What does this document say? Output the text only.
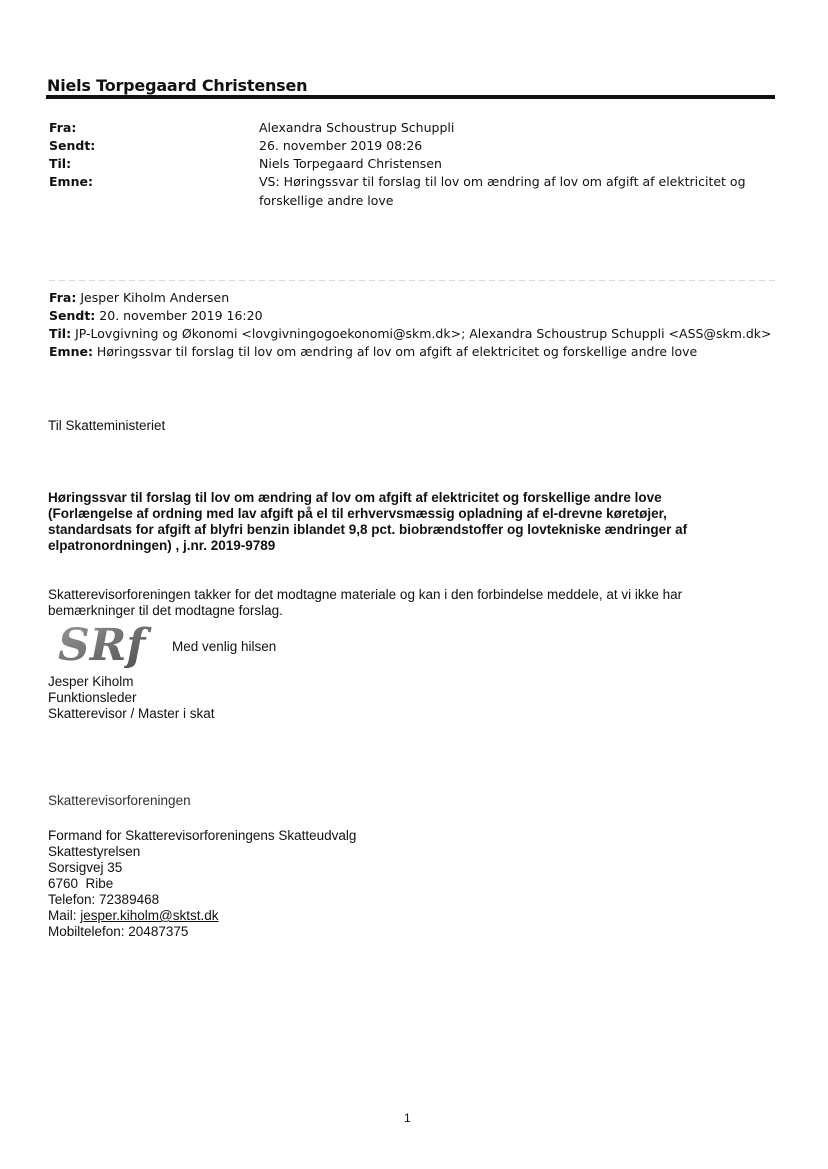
Niels Torpegaard Christensen
Fra:	Alexandra Schoustrup Schuppli
Sendt:	26. november 2019 08:26
Til:	Niels Torpegaard Christensen
Emne:	VS: Høringssvar til forslag til lov om ændring af lov om afgift af elektricitet og forskellige andre love
Fra: Jesper Kiholm Andersen
Sendt: 20. november 2019 16:20
Til: JP-Lovgivning og Økonomi <lovgivningogoekonomi@skm.dk>; Alexandra Schoustrup Schuppli <ASS@skm.dk>
Emne: Høringssvar til forslag til lov om ændring af lov om afgift af elektricitet og forskellige andre love
Til Skatteministeriet
Høringssvar til forslag til lov om ændring af lov om afgift af elektricitet og forskellige andre love (Forlængelse af ordning med lav afgift på el til erhvervsmæssig opladning af el-drevne køretøjer, standardsats for afgift af blyfri benzin iblandet 9,8 pct. biobrændstoffer og lovtekniske ændringer af elpatronordningen) , j.nr. 2019-9789
Skatterevisorforeningen takker for det modtagne materiale og kan i den forbindelse meddele, at vi ikke har bemærkninger til det modtagne forslag.
SRf	Med venlig hilsen
Jesper Kiholm
Funktionsleder
Skatterevisor / Master i skat
Skatterevisorforeningen
Formand for Skatterevisorforeningens Skatteudvalg
Skattestyrelsen
Sorsigvej 35
6760  Ribe
Telefon: 72389468
Mail: jesper.kiholm@sktst.dk
Mobiltelefon: 20487375
1
